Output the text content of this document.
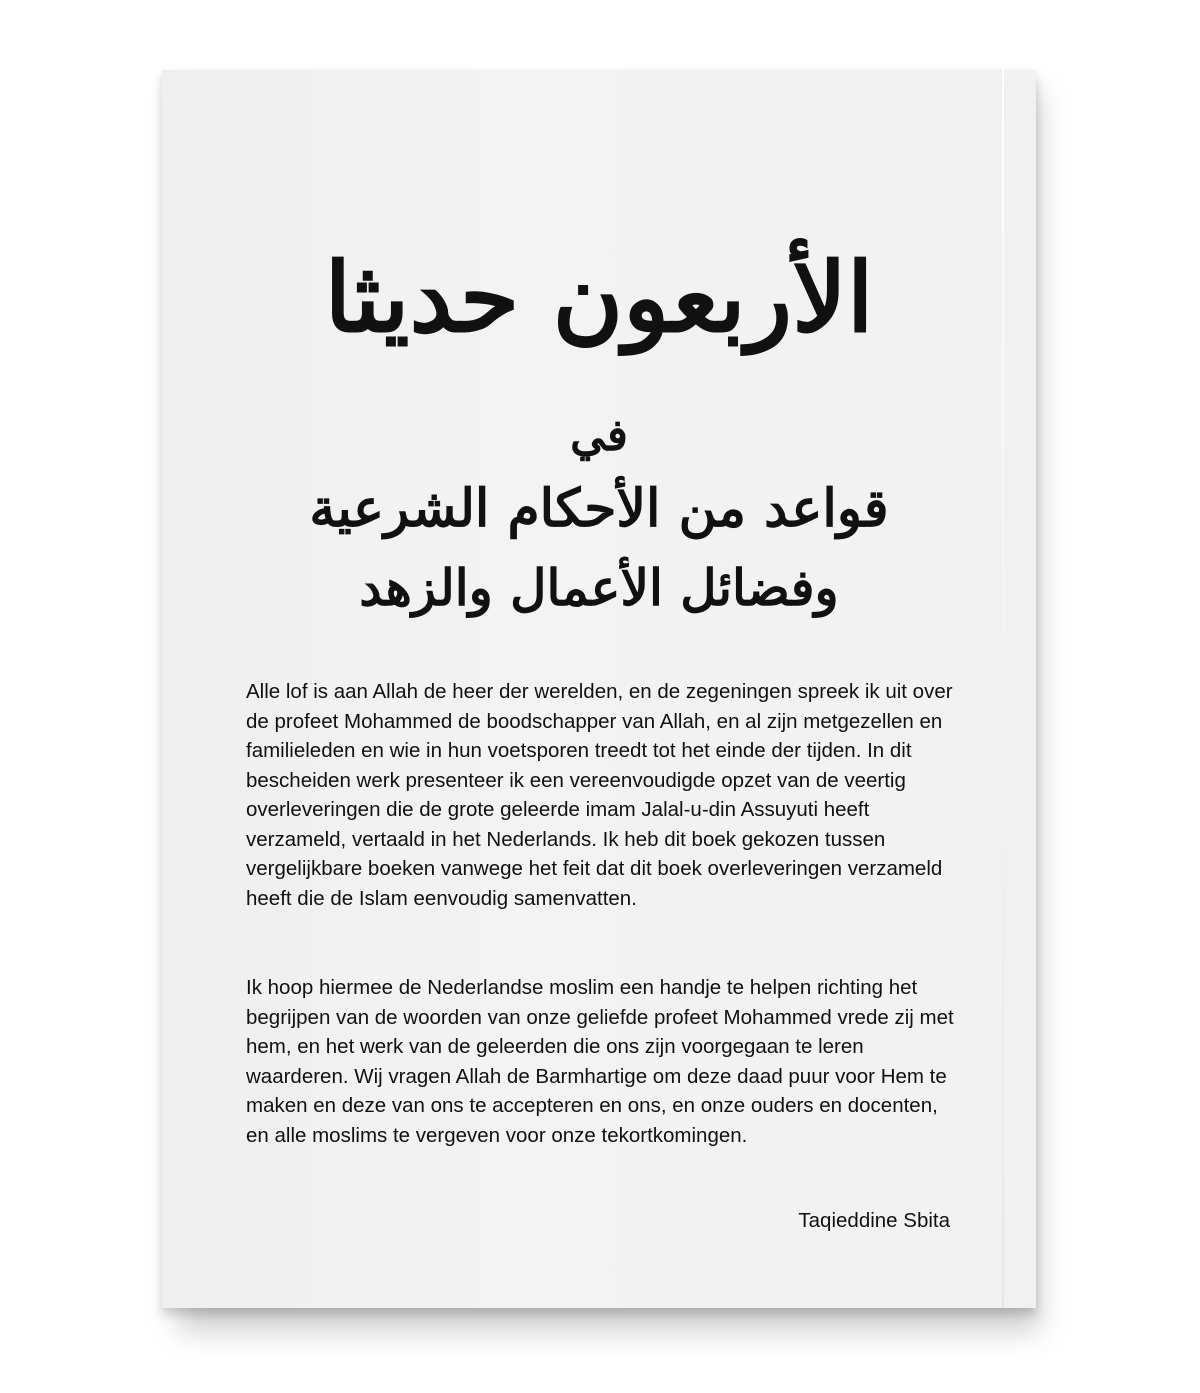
الأربعون حديثا
في
قواعد من الأحكام الشرعية
وفضائل الأعمال والزهد
Alle lof is aan Allah de heer der werelden, en de zegeningen spreek ik uit over de profeet Mohammed de boodschapper van Allah, en al zijn metgezellen en familieleden en wie in hun voetsporen treedt tot het einde der tijden. In dit bescheiden werk presenteer ik een vereenvoudigde opzet van de veertig overleveringen die de grote geleerde imam Jalal-u-din Assuyuti heeft verzameld, vertaald in het Nederlands. Ik heb dit boek gekozen tussen vergelijkbare boeken vanwege het feit dat dit boek overleveringen verzameld heeft die de Islam eenvoudig samenvatten.
Ik hoop hiermee de Nederlandse moslim een handje te helpen richting het begrijpen van de woorden van onze geliefde profeet Mohammed vrede zij met hem, en het werk van de geleerden die ons zijn voorgegaan te leren waarderen. Wij vragen Allah de Barmhartige om deze daad puur voor Hem te maken en deze van ons te accepteren en ons, en onze ouders en docenten, en alle moslims te vergeven voor onze tekortkomingen.
Taqieddine Sbita
